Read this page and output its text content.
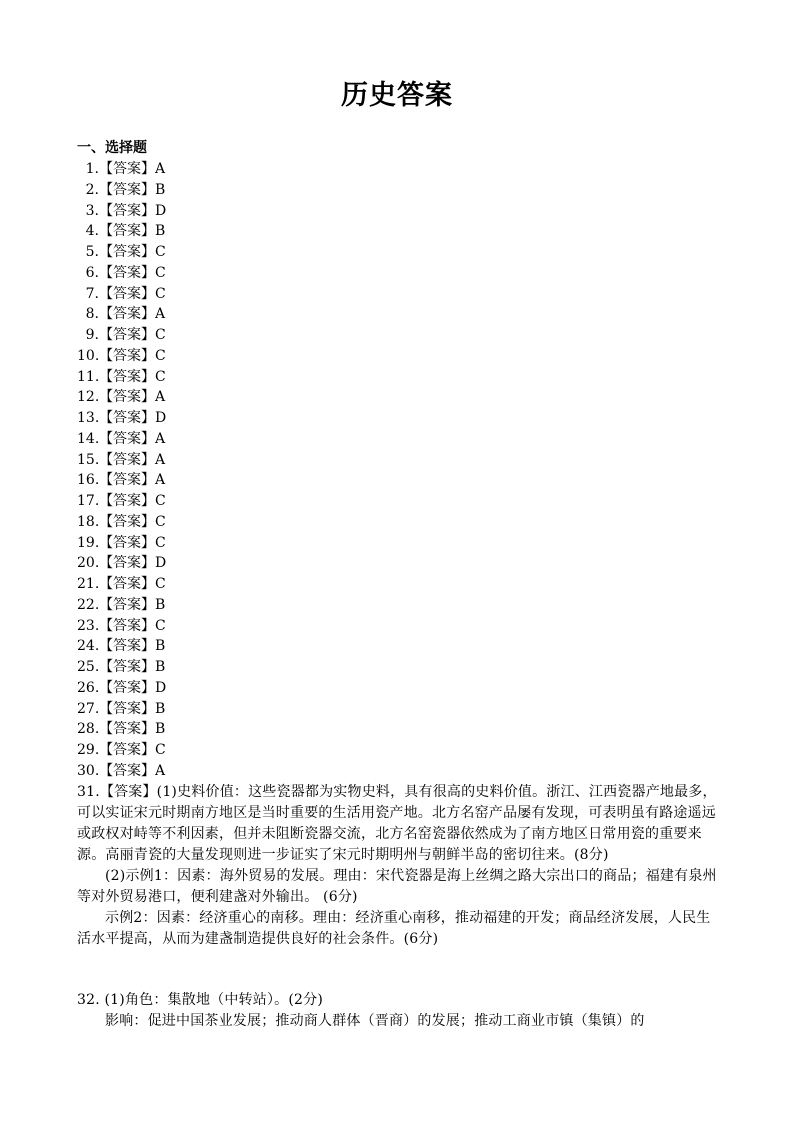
历史答案
一、选择题
1.【答案】A
2.【答案】B
3.【答案】D
4.【答案】B
5.【答案】C
6.【答案】C
7.【答案】C
8.【答案】A
9.【答案】C
10.【答案】C
11.【答案】C
12.【答案】A
13.【答案】D
14.【答案】A
15.【答案】A
16.【答案】A
17.【答案】C
18.【答案】C
19.【答案】C
20.【答案】D
21.【答案】C
22.【答案】B
23.【答案】C
24.【答案】B
25.【答案】B
26.【答案】D
27.【答案】B
28.【答案】B
29.【答案】C
30.【答案】A
31.【答案】(1)史料价值：这些瓷器都为实物史料，具有很高的史料价值。浙江、江西瓷器产地最多，可以实证宋元时期南方地区是当时重要的生活用瓷产地。北方名窑产品屡有发现，可表明虽有路途遥远或政权对峙等不利因素，但并未阻断瓷器交流，北方名窑瓷器依然成为了南方地区日常用瓷的重要来源。高丽青瓷的大量发现则进一步证实了宋元时期明州与朝鲜半岛的密切往来。(8分)
(2)示例1：因素：海外贸易的发展。理由：宋代瓷器是海上丝绸之路大宗出口的商品；福建有泉州等对外贸易港口，便利建盏对外输出。 (6分)
示例2：因素：经济重心的南移。理由：经济重心南移，推动福建的开发；商品经济发展，人民生活水平提高，从而为建盏制造提供良好的社会条件。(6分)
32. (1)角色：集散地（中转站）。(2分)
影响：促进中国茶业发展；推动商人群体（晋商）的发展；推动工商业市镇（集镇）的
